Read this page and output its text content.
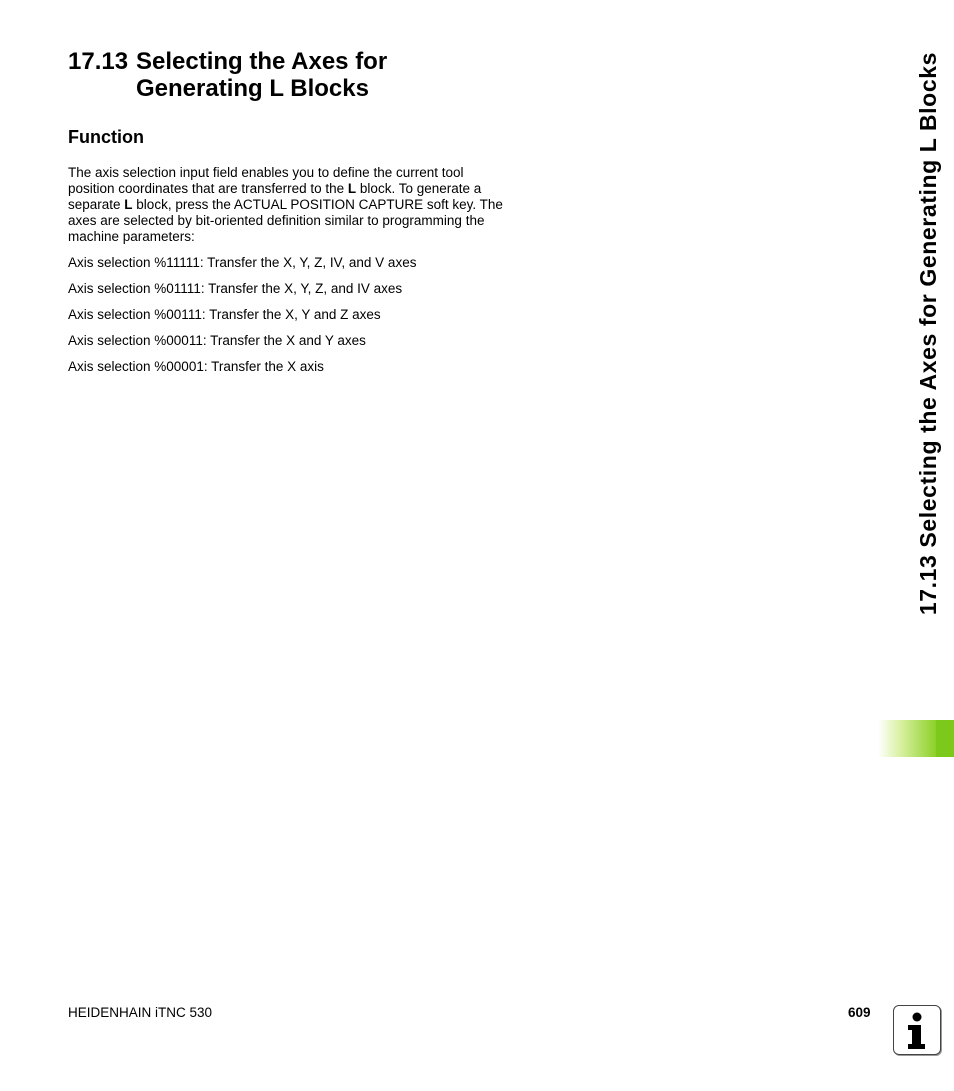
17.13 Selecting the Axes for
Generating L Blocks
Function

The axis selection input field enables you to define the current tool position coordinates that are transferred to the L block. To generate a separate L block, press the ACTUAL POSITION CAPTURE soft key. The axes are selected by bit-oriented definition similar to programming the machine parameters:

Axis selection %11111: Transfer the X, Y, Z, IV, and V axes

Axis selection %01111: Transfer the X, Y, Z, and IV axes

Axis selection %00111: Transfer the X, Y and Z axes

Axis selection %00011: Transfer the X and Y axes

Axis selection %00001: Transfer the X axis	17.13 Selecting the Axes for Generating L Blocks
HEIDENHAIN iTNC 530	609
